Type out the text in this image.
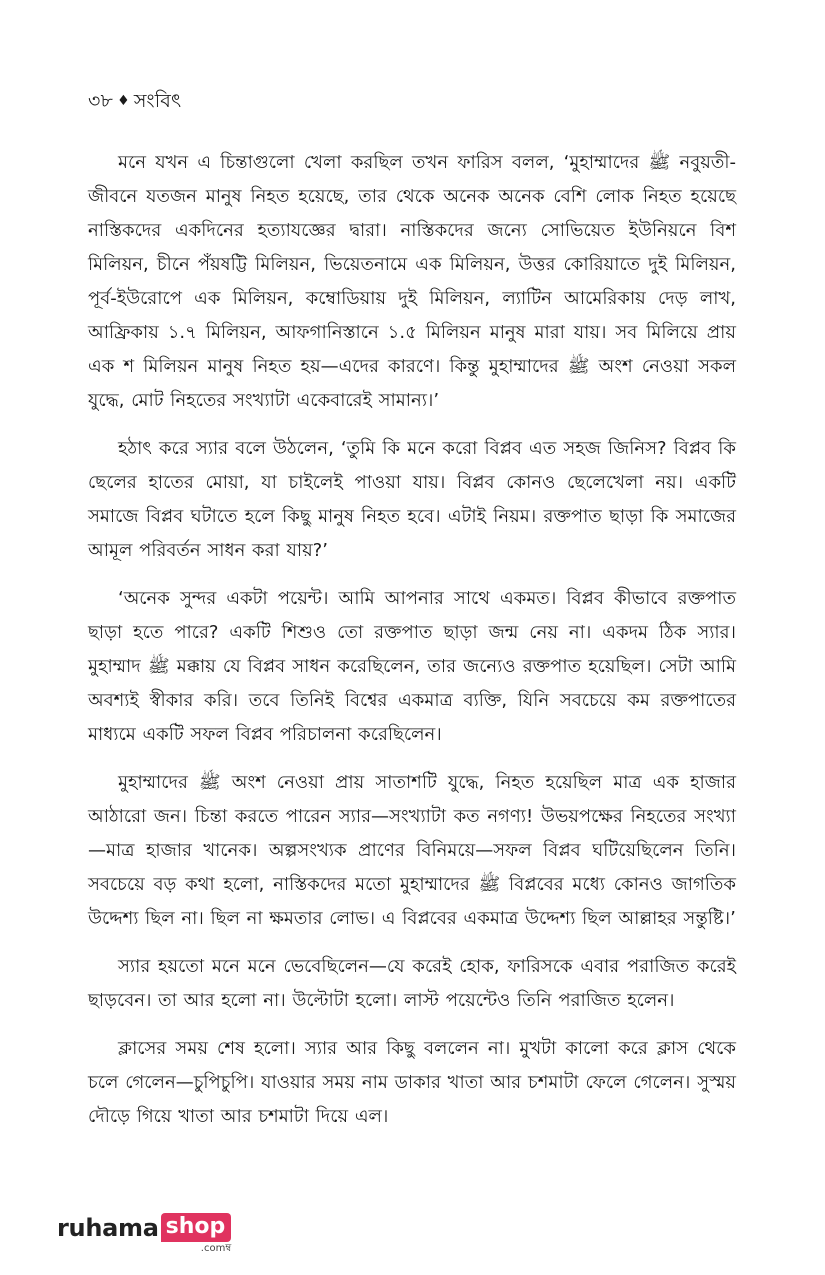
৩৮ ♦ সংবিৎ

মনে যখন এ চিন্তাগুলো খেলা করছিল তখন ফারিস বলল, ‘মুহাম্মাদের ﷺ নবুয়তী-জীবনে যতজন মানুষ নিহত হয়েছে, তার থেকে অনেক অনেক বেশি লোক নিহত হয়েছে নাস্তিকদের একদিনের হত্যাযজ্ঞের দ্বারা। নাস্তিকদের জন্যে সোভিয়েত ইউনিয়নে বিশ মিলিয়ন, চীনে পঁয়ষট্টি মিলিয়ন, ভিয়েতনামে এক মিলিয়ন, উত্তর কোরিয়াতে দুই মিলিয়ন, পূর্ব-ইউরোপে এক মিলিয়ন, কম্বোডিয়ায় দুই মিলিয়ন, ল্যাটিন আমেরিকায় দেড় লাখ, আফ্রিকায় ১.৭ মিলিয়ন, আফগানিস্তানে ১.৫ মিলিয়ন মানুষ মারা যায়। সব মিলিয়ে প্রায় এক শ মিলিয়ন মানুষ নিহত হয়—এদের কারণে। কিন্তু মুহাম্মাদের ﷺ অংশ নেওয়া সকল যুদ্ধে, মোট নিহতের সংখ্যাটা একেবারেই সামান্য।’

হঠাৎ করে স্যার বলে উঠলেন, ‘তুমি কি মনে করো বিপ্লব এত সহজ জিনিস? বিপ্লব কি ছেলের হাতের মোয়া, যা চাইলেই পাওয়া যায়। বিপ্লব কোনও ছেলেখেলা নয়। একটি সমাজে বিপ্লব ঘটাতে হলে কিছু মানুষ নিহত হবে। এটাই নিয়ম। রক্তপাত ছাড়া কি সমাজের আমূল পরিবর্তন সাধন করা যায়?’

‘অনেক সুন্দর একটা পয়েন্ট। আমি আপনার সাথে একমত। বিপ্লব কীভাবে রক্তপাত ছাড়া হতে পারে? একটি শিশুও তো রক্তপাত ছাড়া জন্ম নেয় না। একদম ঠিক স্যার। মুহাম্মাদ ﷺ মক্কায় যে বিপ্লব সাধন করেছিলেন, তার জন্যেও রক্তপাত হয়েছিল। সেটা আমি অবশ্যই স্বীকার করি। তবে তিনিই বিশ্বের একমাত্র ব্যক্তি, যিনি সবচেয়ে কম রক্তপাতের মাধ্যমে একটি সফল বিপ্লব পরিচালনা করেছিলেন।

মুহাম্মাদের ﷺ অংশ নেওয়া প্রায় সাতাশটি যুদ্ধে, নিহত হয়েছিল মাত্র এক হাজার আঠারো জন। চিন্তা করতে পারেন স্যার—সংখ্যাটা কত নগণ্য! উভয়পক্ষের নিহতের সংখ্যা—মাত্র হাজার খানেক। অল্পসংখ্যক প্রাণের বিনিময়ে—সফল বিপ্লব ঘটিয়েছিলেন তিনি। সবচেয়ে বড় কথা হলো, নাস্তিকদের মতো মুহাম্মাদের ﷺ বিপ্লবের মধ্যে কোনও জাগতিক উদ্দেশ্য ছিল না। ছিল না ক্ষমতার লোভ। এ বিপ্লবের একমাত্র উদ্দেশ্য ছিল আল্লাহর সন্তুষ্টি।’

স্যার হয়তো মনে মনে ভেবেছিলেন—যে করেই হোক, ফারিসকে এবার পরাজিত করেই ছাড়বেন। তা আর হলো না। উল্টোটা হলো। লাস্ট পয়েন্টেও তিনি পরাজিত হলেন।

ক্লাসের সময় শেষ হলো। স্যার আর কিছু বললেন না। মুখটা কালো করে ক্লাস থেকে চলে গেলেন—চুপিচুপি। যাওয়ার সময় নাম ডাকার খাতা আর চশমাটা ফেলে গেলেন। সুস্ময় দৌড়ে গিয়ে খাতা আর চশমাটা দিয়ে এল।

ruhama shop
.comম্ব
